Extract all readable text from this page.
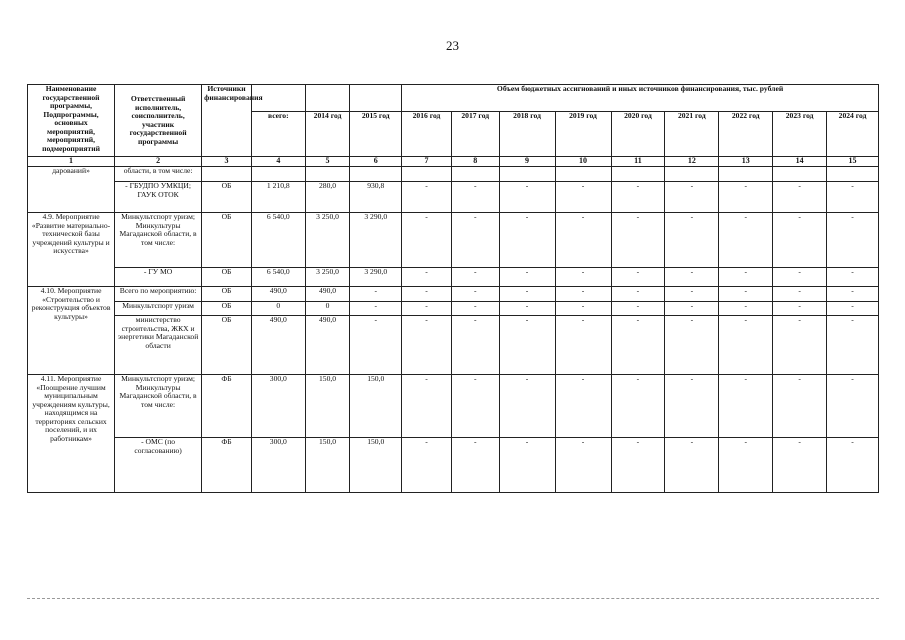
23
Наименование государственной программы, Подпрограммы, основных мероприятий, мероприятий, подмероприятий	Ответственный исполнитель, соисполнитель, участник государственной программы	Источники финансирования				Объем бюджетных ассигнований и иных источников финансирования, тыс. рублей								
			всего:	2014 год	2015 год	2016 год	2017 год	2018 год	2019 год	2020 год	2021 год	2022 год	2023 год	2024 год
1	2	3	4	5	6	7	8	9	10	11	12	13	14	15
дарований»	области, в том числе:													
	- ГБУДПО УМКЦИ; ГАУК ОТОК	ОБ	1 210,8	280,0	930,8	-	-	-	-	-	-	-	-	-
4.9. Мероприятие «Развитие материально-технической базы учреждений культуры и искусства»	Минкультспорт уризм; Минкультуры Магаданской области, в том числе:	ОБ	6 540,0	3 250,0	3 290,0	-	-	-	-	-	-	-	-	-
	- ГУ МО	ОБ	6 540,0	3 250,0	3 290,0	-	-	-	-	-	-	-	-	-
4.10. Мероприятие «Строительство и реконструкция объектов культуры»	Всего по мероприятию:	ОБ	490,0	490,0	-	-	-	-	-	-	-	-	-	-
	Минкультспорт уризм	ОБ	0	0	-	-	-	-	-	-	-	-	-	-
	министерство строительства, ЖКХ и энергетики Магаданской области	ОБ	490,0	490,0	-	-	-	-	-	-	-	-	-	-
4.11. Мероприятие «Поощрение лучшим муниципальным учреждениям культуры, находящимся на территориях сельских поселений, и их работникам»	Минкультспорт уризм; Минкультуры Магаданской области, в том числе:	ФБ	300,0	150,0	150,0	-	-	-	-	-	-	-	-	-
	- ОМС (по согласованию)	ФБ	300,0	150,0	150,0	-	-	-	-	-	-	-	-	-
